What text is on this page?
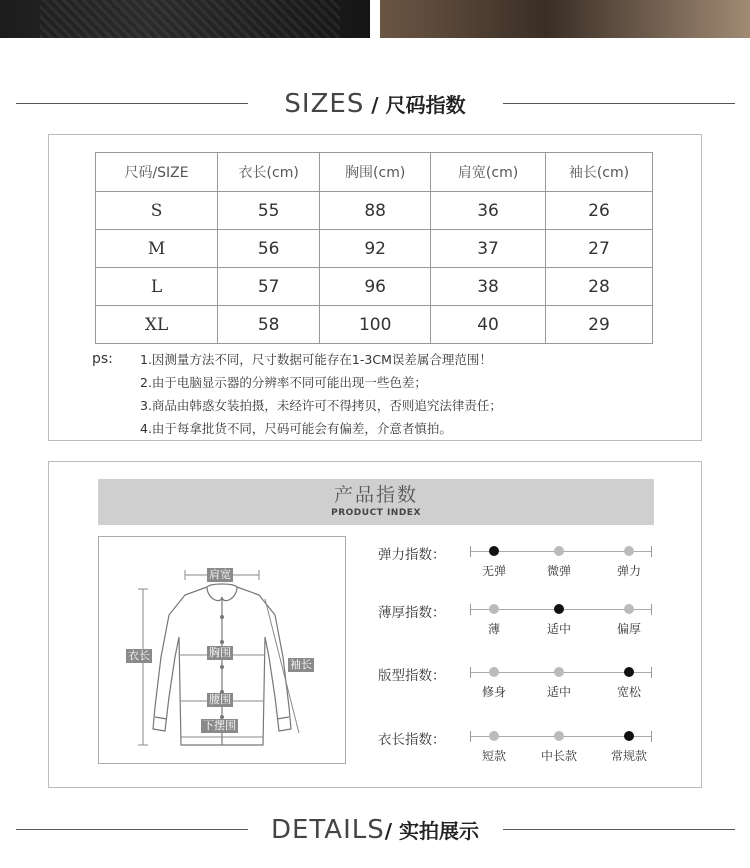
SIZES / 尺码指数
尺码/SIZE	衣长(cm)	胸围(cm)	肩宽(cm)	袖长(cm)
S	55	88	36	26
M	56	92	37	27
L	57	96	38	28
XL	58	100	40	29
ps: 1.因测量方法不同，尺寸数据可能存在1-3CM误差属合理范围！
2.由于电脑显示器的分辨率不同可能出现一些色差；
3.商品由韩惑女装拍摄，未经许可不得拷贝，否则追究法律责任；
4.由于每拿批货不同，尺码可能会有偏差，介意者慎拍。
产品指数
PRODUCT INDEX
肩宽
衣长	胸围
袖长
腰围
下摆围
弹力指数：
无弹	微弹	弹力
薄厚指数：
薄	适中	偏厚
版型指数：
修身	适中	宽松
衣长指数：
短款	中长款	常规款
DETAILS/ 实拍展示
